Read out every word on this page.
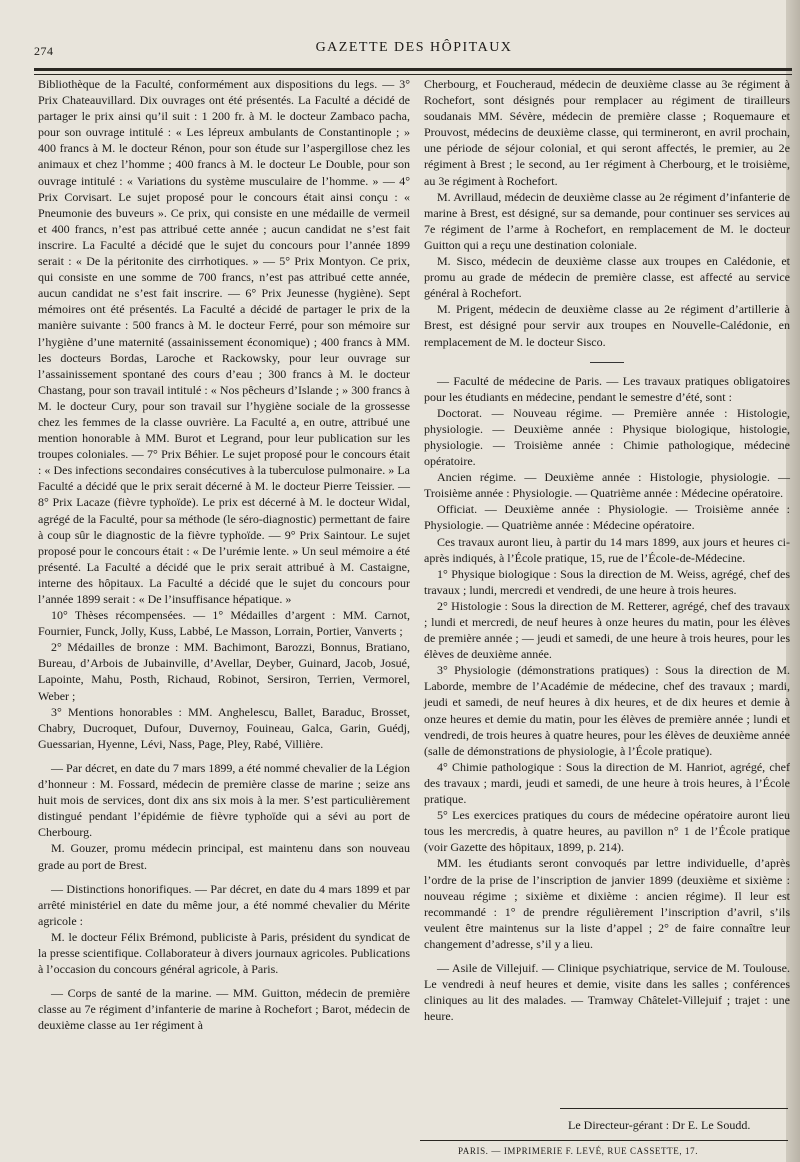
274	GAZETTE DES HÔPITAUX

Bibliothèque de la Faculté, conformément aux dispositions du legs. — 3° Prix Chateauvillard. Dix ouvrages ont été présentés. La Faculté a décidé de partager le prix ainsi qu’il suit : 1 200 fr. à M. le docteur Zambaco pacha, pour son ouvrage intitulé : « Les lépreux ambulants de Constantinople ; » 400 francs à M. le docteur Rénon, pour son étude sur l’aspergillose chez les animaux et chez l’homme ; 400 francs à M. le docteur Le Double, pour son ouvrage intitulé : « Variations du système musculaire de l’homme. » — 4° Prix Corvisart. Le sujet proposé pour le concours était ainsi conçu : « Pneumonie des buveurs ». Ce prix, qui consiste en une médaille de vermeil et 400 francs, n’est pas attribué cette année ; aucun candidat ne s’est fait inscrire. La Faculté a décidé que le sujet du concours pour l’année 1899 serait : « De la péritonite des cirrhotiques. » — 5° Prix Montyon. Ce prix, qui consiste en une somme de 700 francs, n’est pas attribué cette année, aucun candidat ne s’est fait inscrire. — 6° Prix Jeunesse (hygiène). Sept mémoires ont été présentés. La Faculté a décidé de partager le prix de la manière suivante : 500 francs à M. le docteur Ferré, pour son mémoire sur l’hygiène d’une maternité (assainissement économique) ; 400 francs à MM. les docteurs Bordas, Laroche et Rackowsky, pour leur ouvrage sur l’assainissement spontané des cours d’eau ; 300 francs à M. le docteur Chastang, pour son travail intitulé : « Nos pêcheurs d’Islande ; » 300 francs à M. le docteur Cury, pour son travail sur l’hygiène sociale de la grossesse chez les femmes de la classe ouvrière. La Faculté a, en outre, attribué une mention honorable à MM. Burot et Legrand, pour leur publication sur les troupes coloniales. — 7° Prix Béhier. Le sujet proposé pour le concours était : « Des infections secondaires consécutives à la tuberculose pulmonaire. » La Faculté a décidé que le prix serait décerné à M. le docteur Pierre Teissier. — 8° Prix Lacaze (fièvre typhoïde). Le prix est décerné à M. le docteur Widal, agrégé de la Faculté, pour sa méthode (le séro-diagnostic) permettant de faire à coup sûr le diagnostic de la fièvre typhoïde. — 9° Prix Saintour. Le sujet proposé pour le concours était : « De l’urémie lente. » Un seul mémoire a été présenté. La Faculté a décidé que le prix serait attribué à M. Castaigne, interne des hôpitaux. La Faculté a décidé que le sujet du concours pour l’année 1899 serait : « De l’insuffisance hépatique. »

10° Thèses récompensées. — 1° Médailles d’argent : MM. Carnot, Fournier, Funck, Jolly, Kuss, Labbé, Le Masson, Lorrain, Portier, Vanverts ;

2° Médailles de bronze : MM. Bachimont, Barozzi, Bonnus, Bratiano, Bureau, d’Arbois de Jubainville, d’Avellar, Deyber, Guinard, Jacob, Josué, Lapointe, Mahu, Posth, Richaud, Robinot, Sersiron, Terrien, Vermorel, Weber ;

3° Mentions honorables : MM. Anghelescu, Ballet, Baraduc, Brosset, Chabry, Ducroquet, Dufour, Duvernoy, Fouineau, Galca, Garin, Guédj, Guessarian, Hyenne, Lévi, Nass, Page, Pley, Rabé, Villière.

— Par décret, en date du 7 mars 1899, a été nommé chevalier de la Légion d’honneur : M. Fossard, médecin de première classe de marine ; seize ans huit mois de services, dont dix ans six mois à la mer. S’est particulièrement distingué pendant l’épidémie de fièvre typhoïde qui a sévi au port de Cherbourg.

M. Gouzer, promu médecin principal, est maintenu dans son nouveau grade au port de Brest.

— Distinctions honorifiques. — Par décret, en date du 4 mars 1899 et par arrêté ministériel en date du même jour, a été nommé chevalier du Mérite agricole :

M. le docteur Félix Brémond, publiciste à Paris, président du syndicat de la presse scientifique. Collaborateur à divers journaux agricoles. Publications à l’occasion du concours général agricole, à Paris.

— Corps de santé de la marine. — MM. Guitton, médecin de première classe au 7e régiment d’infanterie de marine à Rochefort ; Barot, médecin de deuxième classe au 1er régiment à

Cherbourg, et Foucheraud, médecin de deuxième classe au 3e régiment à Rochefort, sont désignés pour remplacer au régiment de tirailleurs soudanais MM. Sévère, médecin de première classe ; Roquemaure et Prouvost, médecins de deuxième classe, qui termineront, en avril prochain, une période de séjour colonial, et qui seront affectés, le premier, au 2e régiment à Brest ; le second, au 1er régiment à Cherbourg, et le troisième, au 3e régiment à Rochefort.

M. Avrillaud, médecin de deuxième classe au 2e régiment d’infanterie de marine à Brest, est désigné, sur sa demande, pour continuer ses services au 7e régiment de l’arme à Rochefort, en remplacement de M. le docteur Guitton qui a reçu une destination coloniale.

M. Sisco, médecin de deuxième classe aux troupes en Calédonie, et promu au grade de médecin de première classe, est affecté au service général à Rochefort.

M. Prigent, médecin de deuxième classe au 2e régiment d’artillerie à Brest, est désigné pour servir aux troupes en Nouvelle-Calédonie, en remplacement de M. le docteur Sisco.

— Faculté de médecine de Paris. — Les travaux pratiques obligatoires pour les étudiants en médecine, pendant le semestre d’été, sont :

Doctorat. — Nouveau régime. — Première année : Histologie, physiologie. — Deuxième année : Physique biologique, histologie, physiologie. — Troisième année : Chimie pathologique, médecine opératoire.

Ancien régime. — Deuxième année : Histologie, physiologie. — Troisième année : Physiologie. — Quatrième année : Médecine opératoire.

Officiat. — Deuxième année : Physiologie. — Troisième année : Physiologie. — Quatrième année : Médecine opératoire.

Ces travaux auront lieu, à partir du 14 mars 1899, aux jours et heures ci-après indiqués, à l’École pratique, 15, rue de l’École-de-Médecine.

1° Physique biologique : Sous la direction de M. Weiss, agrégé, chef des travaux ; lundi, mercredi et vendredi, de une heure à trois heures.

2° Histologie : Sous la direction de M. Retterer, agrégé, chef des travaux ; lundi et mercredi, de neuf heures à onze heures du matin, pour les élèves de première année ; — jeudi et samedi, de une heure à trois heures, pour les élèves de deuxième année.

3° Physiologie (démonstrations pratiques) : Sous la direction de M. Laborde, membre de l’Académie de médecine, chef des travaux ; mardi, jeudi et samedi, de neuf heures à dix heures, et de dix heures et demie à onze heures et demie du matin, pour les élèves de première année ; lundi et vendredi, de trois heures à quatre heures, pour les élèves de deuxième année (salle de démonstrations de physiologie, à l’École pratique).

4° Chimie pathologique : Sous la direction de M. Hanriot, agrégé, chef des travaux ; mardi, jeudi et samedi, de une heure à trois heures, à l’École pratique.

5° Les exercices pratiques du cours de médecine opératoire auront lieu tous les mercredis, à quatre heures, au pavillon n° 1 de l’École pratique (voir Gazette des hôpitaux, 1899, p. 214).

MM. les étudiants seront convoqués par lettre individuelle, d’après l’ordre de la prise de l’inscription de janvier 1899 (deuxième et sixième : nouveau régime ; sixième et dixième : ancien régime). Il leur est recommandé : 1° de prendre régulièrement l’inscription d’avril, s’ils veulent être maintenus sur la liste d’appel ; 2° de faire connaître leur changement d’adresse, s’il y a lieu.

— Asile de Villejuif. — Clinique psychiatrique, service de M. Toulouse. Le vendredi à neuf heures et demie, visite dans les salles ; conférences cliniques au lit des malades. — Tramway Châtelet-Villejuif ; trajet : une heure.

Le Directeur-gérant : Dr E. Le Soudd.
PARIS. — IMPRIMERIE F. LEVÉ, RUE CASSETTE, 17.
